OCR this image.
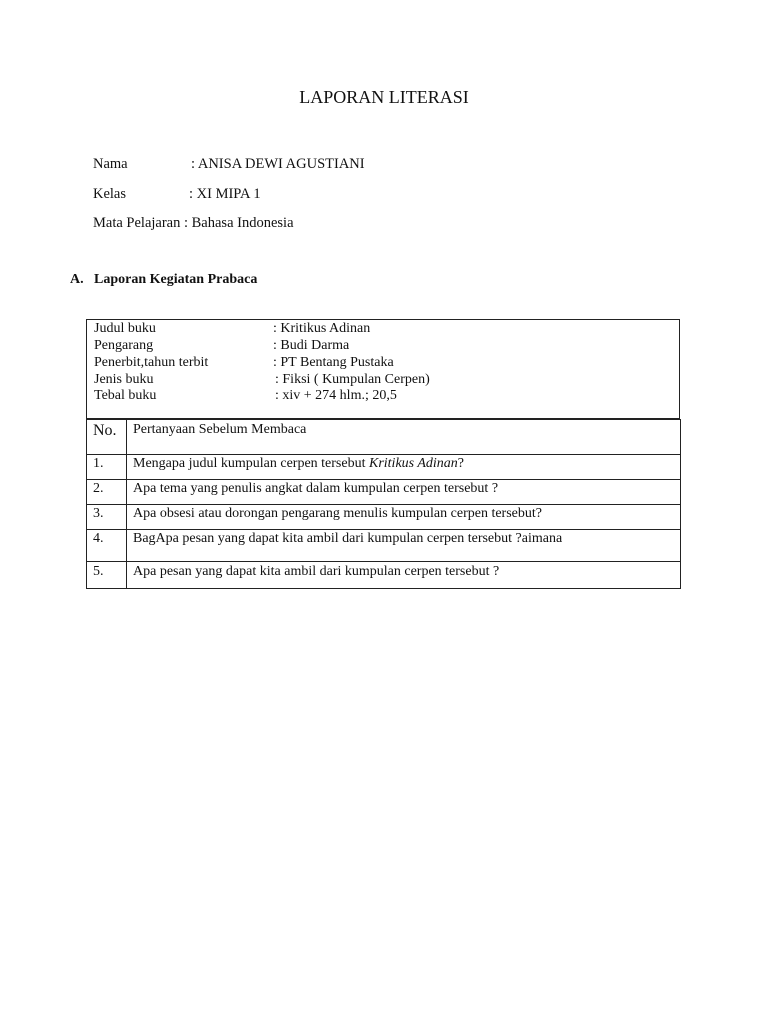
LAPORAN LITERASI
Nama	: ANISA DEWI AGUSTIANI
Kelas	: XI MIPA 1
Mata Pelajaran : Bahasa Indonesia
A. Laporan Kegiatan Prabaca
Judul buku	: Kritikus Adinan
Pengarang	: Budi Darma
Penerbit,tahun terbit	: PT Bentang Pustaka
Jenis buku	: Fiksi ( Kumpulan Cerpen)
Tebal buku	: xiv + 274 hlm.; 20,5
No.	Pertanyaan Sebelum Membaca
1.	Mengapa judul kumpulan cerpen tersebut Kritikus Adinan?
2.	Apa tema yang penulis angkat dalam kumpulan cerpen tersebut ?
3.	Apa obsesi atau dorongan pengarang menulis kumpulan cerpen tersebut?
4.	BagApa pesan yang dapat kita ambil dari kumpulan cerpen tersebut ?aimana
5.	Apa pesan yang dapat kita ambil dari kumpulan cerpen tersebut ?
